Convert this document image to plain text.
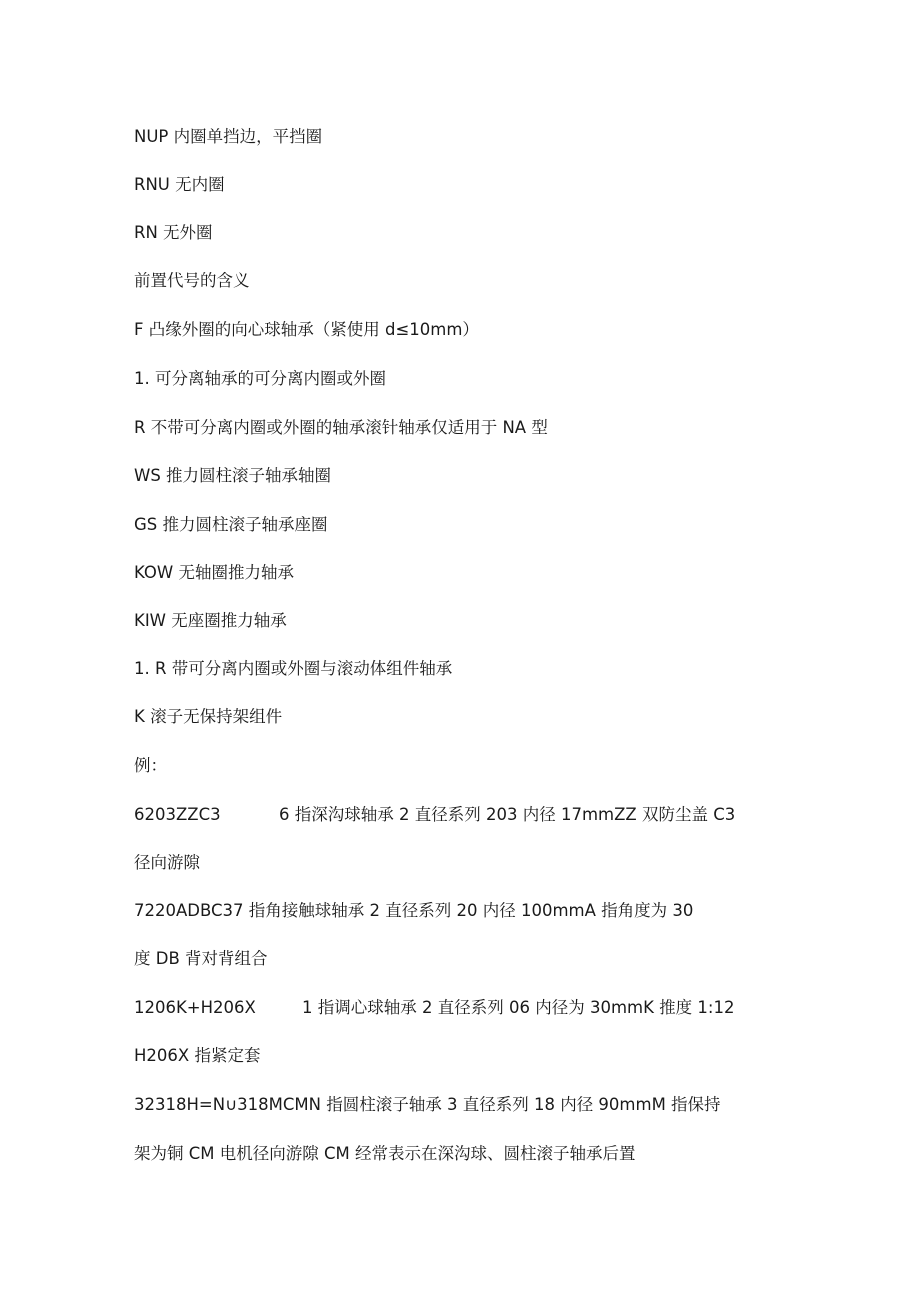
NUP 内圈单挡边，平挡圈
RNU 无内圈
RN 无外圈
前置代号的含义
F 凸缘外圈的向心球轴承（紧使用 d≤10mm）
1. 可分离轴承的可分离内圈或外圈
R 不带可分离内圈或外圈的轴承滚针轴承仅适用于 NA 型
WS 推力圆柱滚子轴承轴圈
GS 推力圆柱滚子轴承座圈
KOW 无轴圈推力轴承
KIW 无座圈推力轴承
1. R 带可分离内圈或外圈与滚动体组件轴承
K 滚子无保持架组件
例：
6203ZZC3	6 指深沟球轴承 2 直径系列 203 内径 17mmZZ 双防尘盖 C3
径向游隙
7220ADBC37 指角接触球轴承 2 直径系列 20 内径 100mmA 指角度为 30
度 DB 背对背组合
1206K+H206X	1 指调心球轴承 2 直径系列 06 内径为 30mmK 推度 1:12
H206X 指紧定套
32318H=N∪318MCMN 指圆柱滚子轴承 3 直径系列 18 内径 90mmM 指保持
架为铜 CM 电机径向游隙 CM 经常表示在深沟球、圆柱滚子轴承后置
